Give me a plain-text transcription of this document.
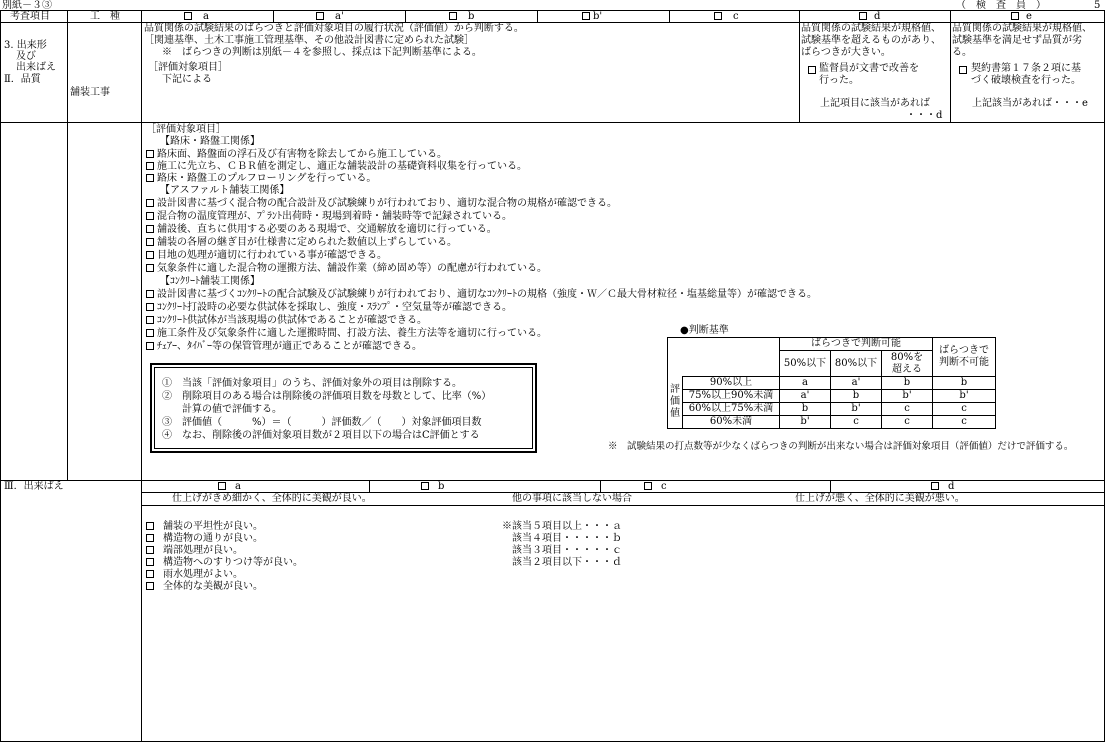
別紙－３③	（　検　査　員　）	5
考査項目	工　種	a	a'	b	b'	c	d	e
3. 出来形
及び
出来ばえ
Ⅱ．品質
舗装工事
品質関係の試験結果のばらつきと評価対象項目の履行状況（評価値）から判断する。
［関連基準、土木工事施工管理基準、その他設計図書に定められた試験］
※　ばらつきの判断は別紙－４を参照し、採点は下記判断基準による。
［評価対象項目］
下記による
品質関係の試験結果が規格値、
試験基準を超えるものがあり、
ばらつきが大きい。
監督員が文書で改善を
行った。
上記項目に該当があれば
・・・d
品質関係の試験結果が規格値、
試験基準を満足せず品質が劣
る。
契約書第１７条２項に基
づく破壊検査を行った。
上記該当があれば・・・e
［評価対象項目］
【路床・路盤工関係】
路床面、路盤面の浮石及び有害物を除去してから施工している。
施工に先立ち、ＣＢＲ値を測定し、適正な舗装設計の基礎資料収集を行っている。
路床・路盤工のプルフローリングを行っている。
【アスファルト舗装工関係】
設計図書に基づく混合物の配合設計及び試験練りが行われており、適切な混合物の規格が確認できる。
混合物の温度管理が、ﾌﾟﾗﾝﾄ出荷時・現場到着時・舗装時等で記録されている。
舗設後、直ちに供用する必要のある現場で、交通解放を適切に行っている。
舗装の各層の継ぎ目が仕様書に定められた数値以上ずらしている。
目地の処理が適切に行われている事が確認できる。
気象条件に適した混合物の運搬方法、舗設作業（締め固め等）の配慮が行われている。
【ｺﾝｸﾘｰﾄ舗装工関係】
設計図書に基づくｺﾝｸﾘｰﾄの配合試験及び試験練りが行われており、適切なｺﾝｸﾘｰﾄの規格（強度・Ｗ／Ｃ最大骨材粒径・塩基総量等）が確認できる。
ｺﾝｸﾘｰﾄ打設時の必要な供試体を採取し、強度・ｽﾗﾝﾌﾟ・空気量等が確認できる。
ｺﾝｸﾘｰﾄ供試体が当該現場の供試体であることが確認できる。
施工条件及び気象条件に適した運搬時間、打設方法、養生方法等を適切に行っている。
ﾁｪｱｰ、ﾀｲﾊﾞｰ等の保管管理が適正であることが確認できる。
①　当該「評価対象項目」のうち、評価対象外の項目は削除する。
②　削除項目のある場合は削除後の評価項目数を母数として、比率（%）
　　計算の値で評価する。
③　評価値（　　　%）＝（　　　）評価数／（　　）対象評価項目数
④　なお、削除後の評価対象項目数が２項目以下の場合はC評価とする
●判断基準
		ばらつきで判断可能			ばらつきで
判断不可能

		50%以下	80%以下	80%を
超える	

評
価
値	90%以上	a	a'	b	b
	75%以上90%未満	a'	b	b'	b'
	60%以上75%未満	b	b'	c	c
	60%未満	b'	c	c	c
※　試験結果の打点数等が少なくばらつきの判断が出来ない場合は評価対象項目（評価値）だけで評価する。
Ⅲ．出来ばえ	a	b	c	d
仕上げがきめ細かく、全体的に美観が良い。	他の事項に該当しない場合	仕上げが悪く、全体的に美観が悪い。
舗装の平坦性が良い。
構造物の通りが良い。
端部処理が良い。
構造物へのすりつけ等が良い。
雨水処理がよい。
全体的な美観が良い。
※該当５項目以上・・・ａ
　該当４項目・・・・・ｂ
　該当３項目・・・・・ｃ
　該当２項目以下・・・ｄ
